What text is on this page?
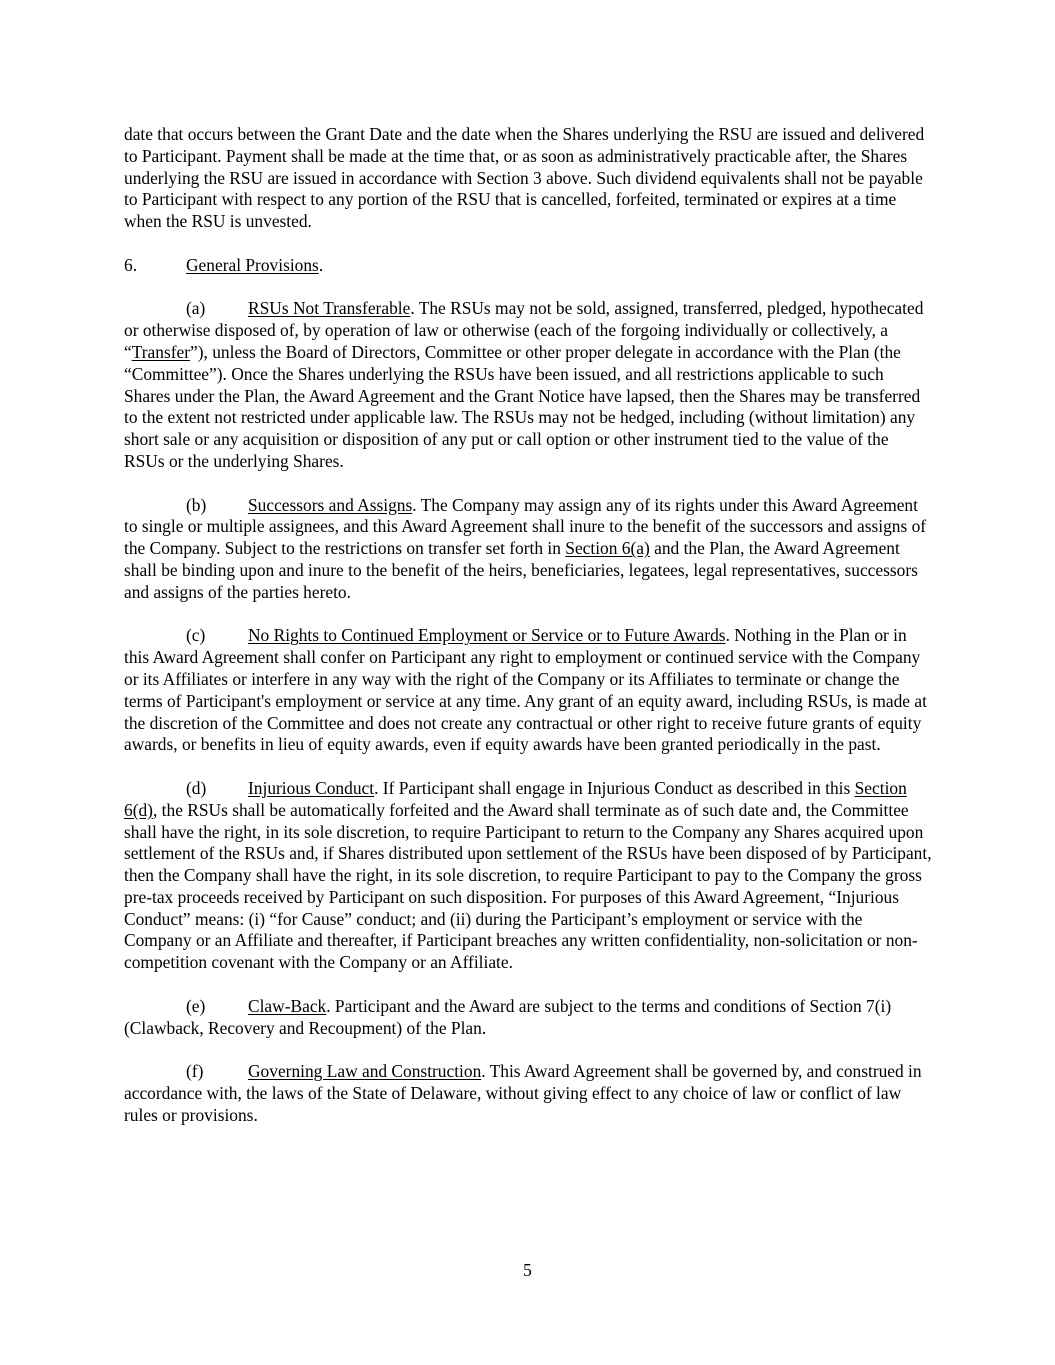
date that occurs between the Grant Date and the date when the Shares underlying the RSU are issued and delivered to Participant. Payment shall be made at the time that, or as soon as administratively practicable after, the Shares underlying the RSU are issued in accordance with Section 3 above. Such dividend equivalents shall not be payable to Participant with respect to any portion of the RSU that is cancelled, forfeited, terminated or expires at a time when the RSU is unvested.

6.	General Provisions.

(a) RSUs Not Transferable. The RSUs may not be sold, assigned, transferred, pledged, hypothecated or otherwise disposed of, by operation of law or otherwise (each of the forgoing individually or collectively, a “Transfer”), unless the Board of Directors, Committee or other proper delegate in accordance with the Plan (the “Committee”). Once the Shares underlying the RSUs have been issued, and all restrictions applicable to such Shares under the Plan, the Award Agreement and the Grant Notice have lapsed, then the Shares may be transferred to the extent not restricted under applicable law. The RSUs may not be hedged, including (without limitation) any short sale or any acquisition or disposition of any put or call option or other instrument tied to the value of the RSUs or the underlying Shares.

(b) Successors and Assigns. The Company may assign any of its rights under this Award Agreement to single or multiple assignees, and this Award Agreement shall inure to the benefit of the successors and assigns of the Company. Subject to the restrictions on transfer set forth in Section 6(a) and the Plan, the Award Agreement shall be binding upon and inure to the benefit of the heirs, beneficiaries, legatees, legal representatives, successors and assigns of the parties hereto.

(c) No Rights to Continued Employment or Service or to Future Awards. Nothing in the Plan or in this Award Agreement shall confer on Participant any right to employment or continued service with the Company or its Affiliates or interfere in any way with the right of the Company or its Affiliates to terminate or change the terms of Participant's employment or service at any time. Any grant of an equity award, including RSUs, is made at the discretion of the Committee and does not create any contractual or other right to receive future grants of equity awards, or benefits in lieu of equity awards, even if equity awards have been granted periodically in the past.

(d) Injurious Conduct. If Participant shall engage in Injurious Conduct as described in this Section 6(d), the RSUs shall be automatically forfeited and the Award shall terminate as of such date and, the Committee shall have the right, in its sole discretion, to require Participant to return to the Company any Shares acquired upon settlement of the RSUs and, if Shares distributed upon settlement of the RSUs have been disposed of by Participant, then the Company shall have the right, in its sole discretion, to require Participant to pay to the Company the gross pre-tax proceeds received by Participant on such disposition. For purposes of this Award Agreement, “Injurious Conduct” means: (i) “for Cause” conduct; and (ii) during the Participant’s employment or service with the Company or an Affiliate and thereafter, if Participant breaches any written confidentiality, non-solicitation or non-competition covenant with the Company or an Affiliate.

(e) Claw-Back. Participant and the Award are subject to the terms and conditions of Section 7(i) (Clawback, Recovery and Recoupment) of the Plan.

(f)	Governing Law and Construction. This Award Agreement shall be governed by, and construed in accordance with, the laws of the State of Delaware, without giving effect to any choice of law or conflict of law rules or provisions.

5
